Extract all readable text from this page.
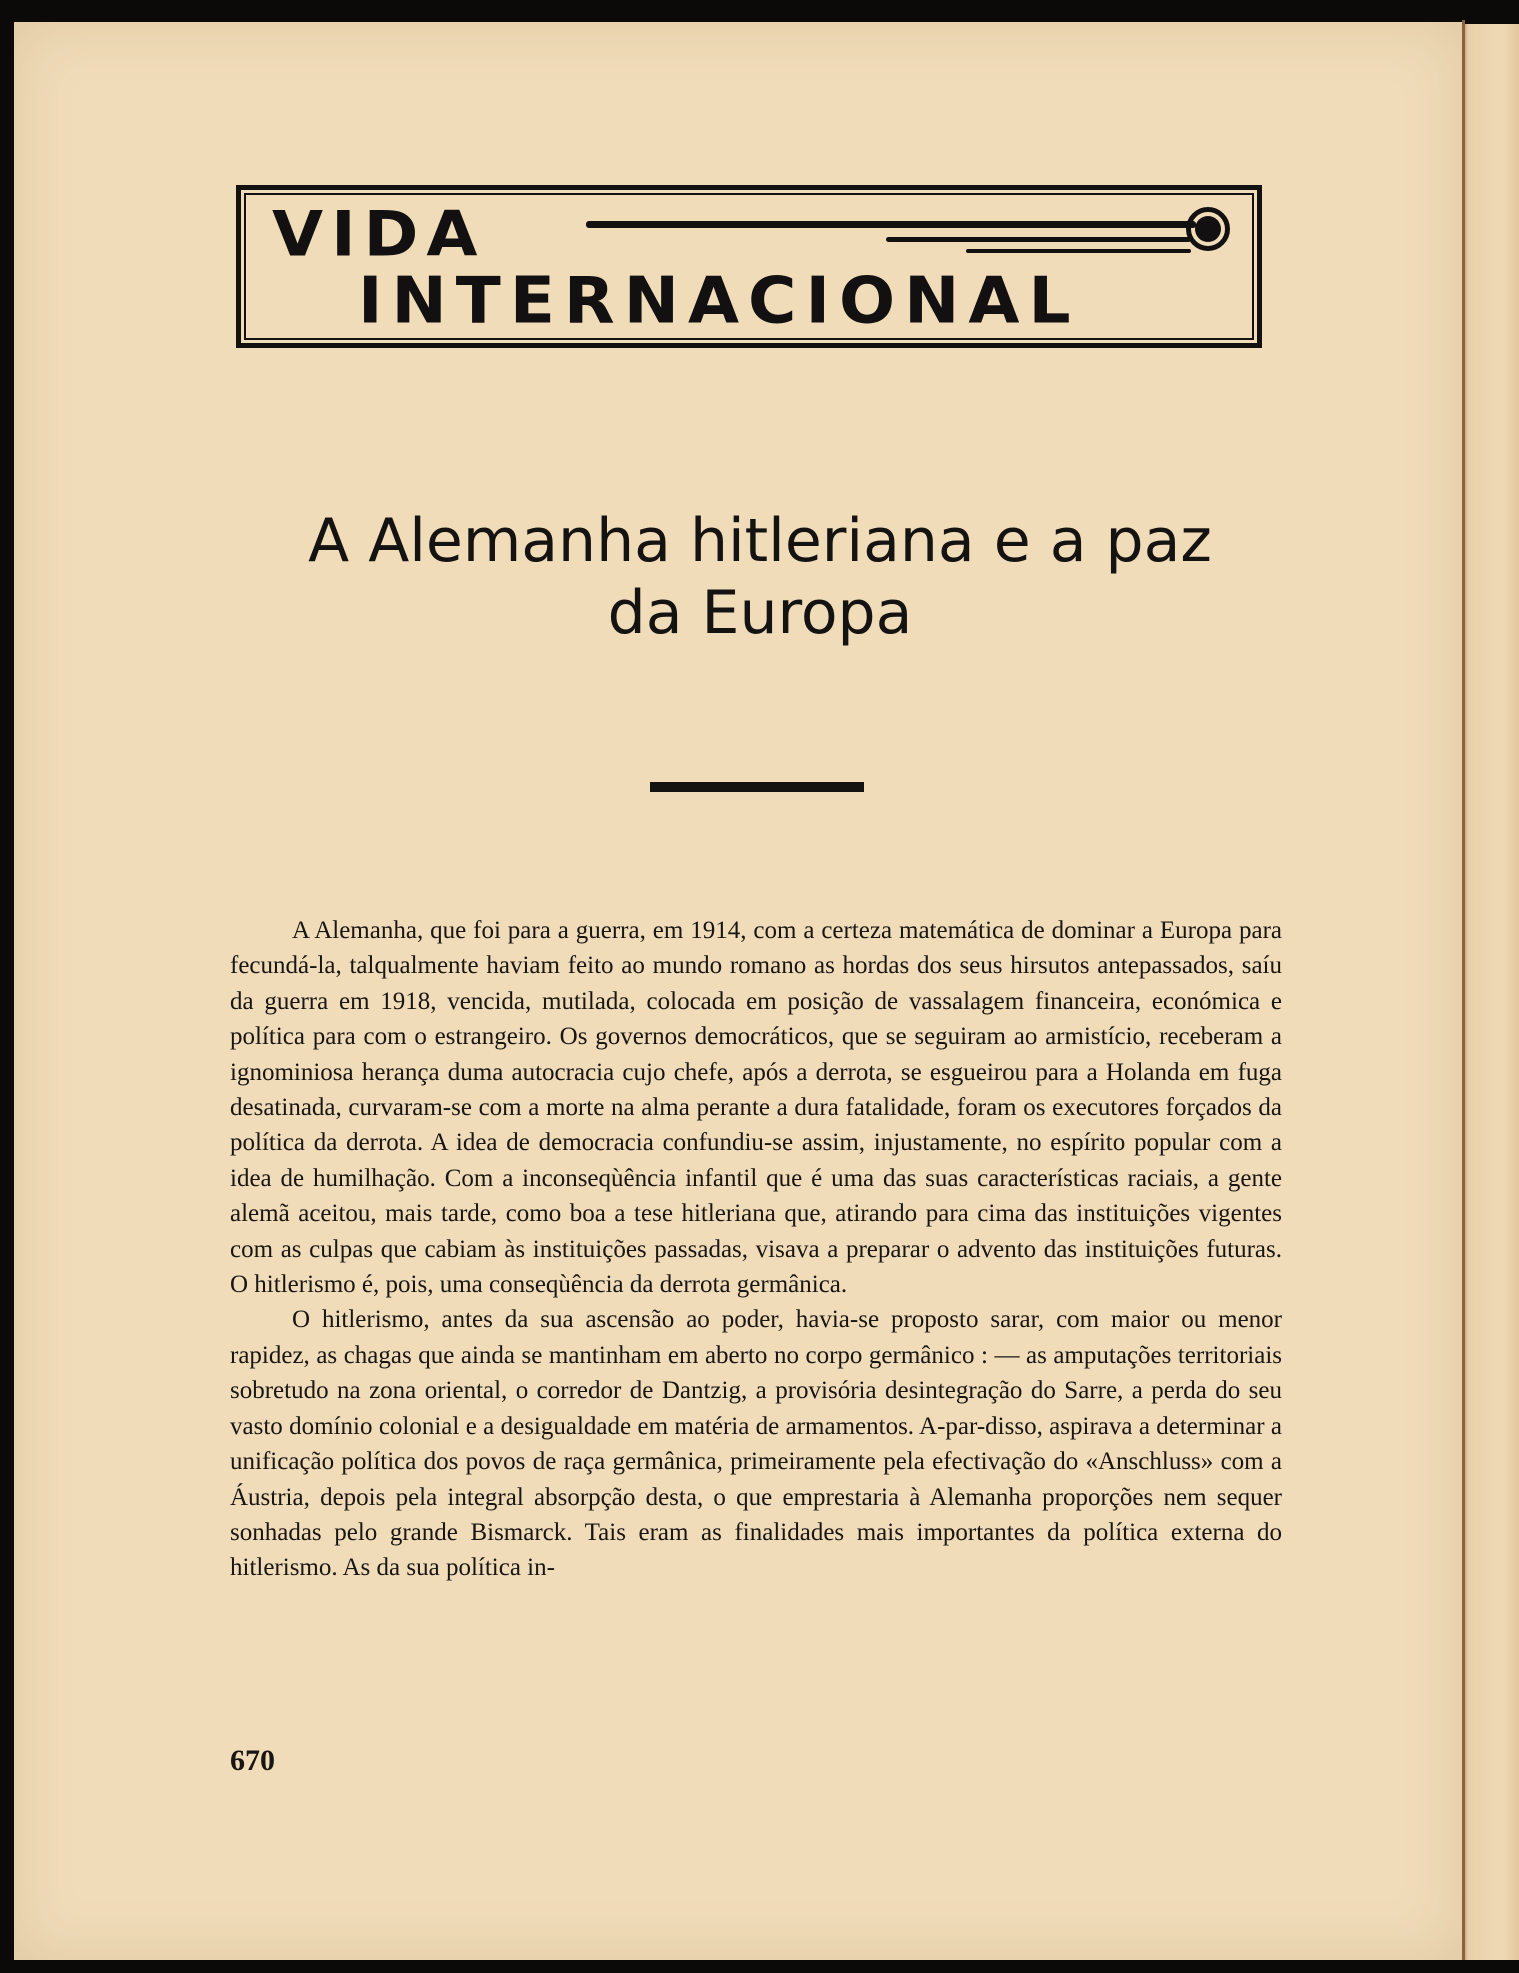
VIDA
INTERNACIONAL
A Alemanha hitleriana e a paz
da Europa

A Alemanha, que foi para a guerra, em 1914, com a certeza matemática de dominar a Europa para fecundá-la, talqualmente haviam feito ao mundo romano as hordas dos seus hirsutos antepassados, saíu da guerra em 1918, vencida, mutilada, colocada em posição de vassalagem financeira, económica e política para com o estrangeiro. Os governos democráticos, que se seguiram ao armistício, receberam a ignominiosa herança duma autocracia cujo chefe, após a derrota, se esgueirou para a Holanda em fuga desatinada, curvaram-se com a morte na alma perante a dura fatalidade, foram os executores forçados da política da derrota. A idea de democracia confundiu-se assim, injustamente, no espírito popular com a idea de humilhação. Com a inconseqùência infantil que é uma das suas características raciais, a gente alemã aceitou, mais tarde, como boa a tese hitleriana que, atirando para cima das instituições vigentes com as culpas que cabiam às instituições passadas, visava a preparar o advento das instituições futuras. O hitlerismo é, pois, uma conseqùência da derrota germânica.

O hitlerismo, antes da sua ascensão ao poder, havia-se proposto sarar, com maior ou menor rapidez, as chagas que ainda se mantinham em aberto no corpo germânico : — as amputações territoriais sobretudo na zona oriental, o corredor de Dantzig, a provisória desintegração do Sarre, a perda do seu vasto domínio colonial e a desigualdade em matéria de armamentos. A-par-disso, aspirava a determinar a unificação política dos povos de raça germânica, primeiramente pela efectivação do «Anschluss» com a Áustria, depois pela integral absorpção desta, o que emprestaria à Alemanha proporções nem sequer sonhadas pelo grande Bismarck. Tais eram as finalidades mais importantes da política externa do hitlerismo. As da sua política in-

670
